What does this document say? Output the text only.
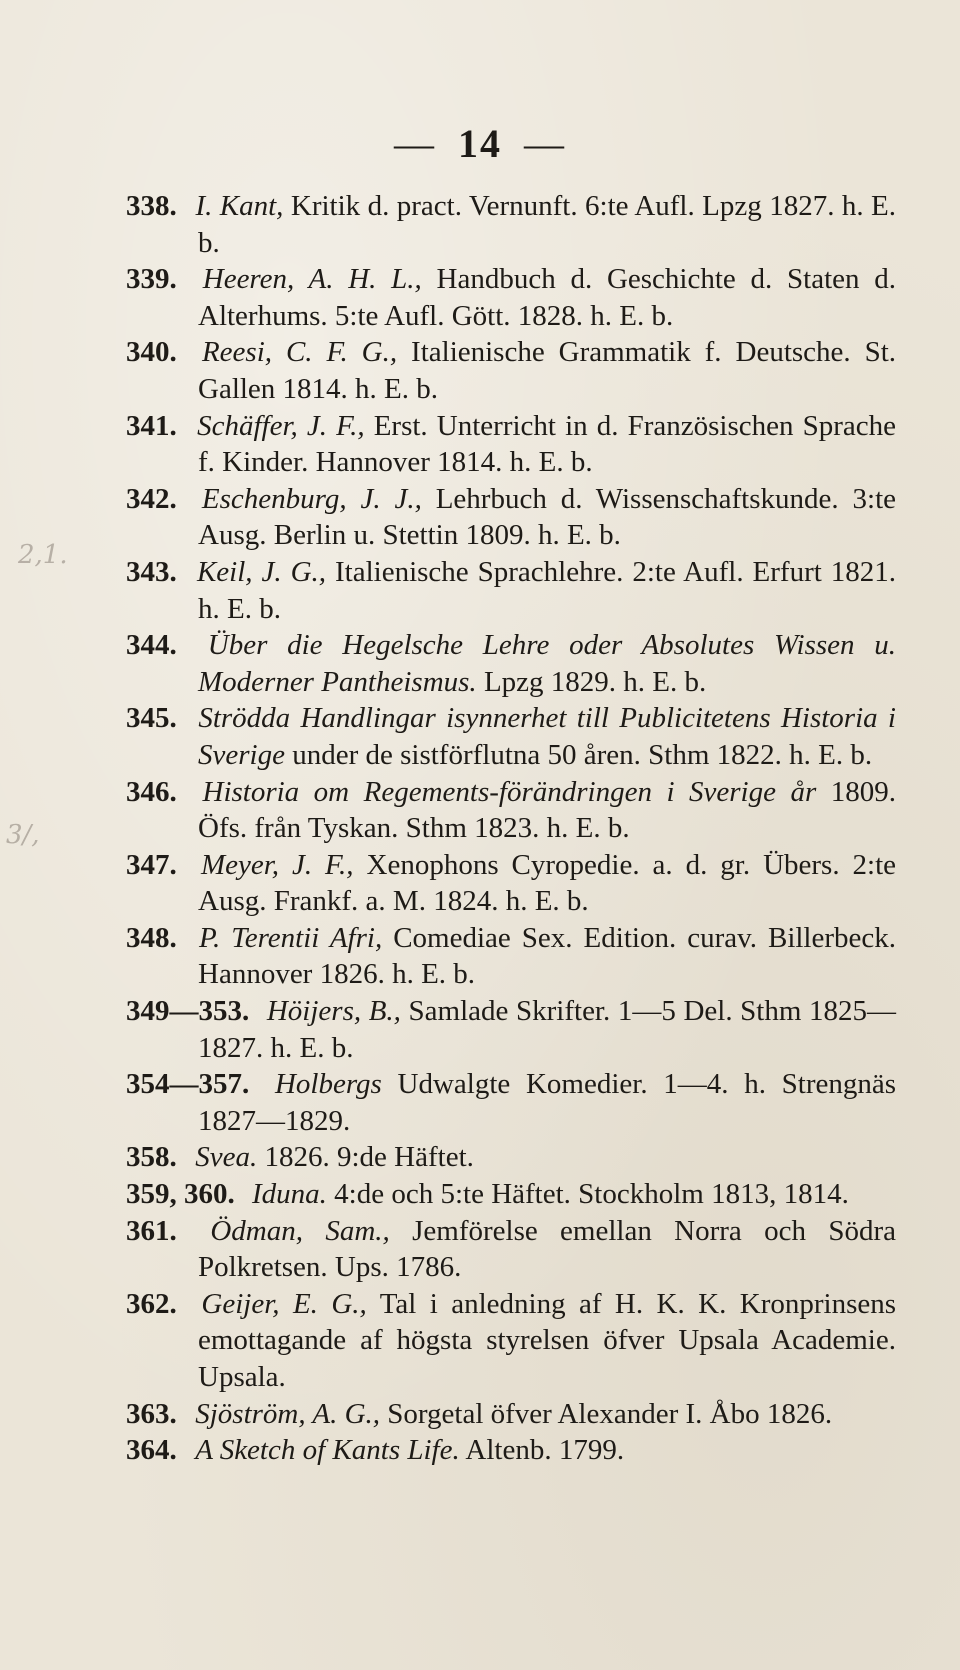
— 14 —
2,1.
3/,
338. I. Kant, Kritik d. pract. Vernunft. 6:te Aufl. Lpzg 1827. h. E. b.
339. Heeren, A. H. L., Handbuch d. Geschichte d. Staten d. Alterhums. 5:te Aufl. Gött. 1828. h. E. b.
340. Reesi, C. F. G., Italienische Grammatik f. Deutsche. St. Gallen 1814. h. E. b.
341. Schäffer, J. F., Erst. Unterricht in d. Französischen Sprache f. Kinder. Hannover 1814. h. E. b.
342. Eschenburg, J. J., Lehrbuch d. Wissenschaftskunde. 3:te Ausg. Berlin u. Stettin 1809. h. E. b.
343. Keil, J. G., Italienische Sprachlehre. 2:te Aufl. Erfurt 1821. h. E. b.
344. Über die Hegelsche Lehre oder Absolutes Wissen u. Moderner Pantheismus. Lpzg 1829. h. E. b.
345. Strödda Handlingar isynnerhet till Publicitetens Historia i Sverige under de sistförflutna 50 åren. Sthm 1822. h. E. b.
346. Historia om Regements-förändringen i Sverige år 1809. Öfs. från Tyskan. Sthm 1823. h. E. b.
347. Meyer, J. F., Xenophons Cyropedie. a. d. gr. Übers. 2:te Ausg. Frankf. a. M. 1824. h. E. b.
348. P. Terentii Afri, Comediae Sex. Edition. curav. Billerbeck. Hannover 1826. h. E. b.
349—353. Höijers, B., Samlade Skrifter. 1—5 Del. Sthm 1825—1827. h. E. b.
354—357. Holbergs Udwalgte Komedier. 1—4. h. Strengnäs 1827—1829.
358. Svea. 1826. 9:de Häftet.
359, 360. Iduna. 4:de och 5:te Häftet. Stockholm 1813, 1814.
361. Ödman, Sam., Jemförelse emellan Norra och Södra Polkretsen. Ups. 1786.
362. Geijer, E. G., Tal i anledning af H. K. K. Kronprinsens emottagande af högsta styrelsen öfver Upsala Academie. Upsala.
363. Sjöström, A. G., Sorgetal öfver Alexander I. Åbo 1826.
364. A Sketch of Kants Life. Altenb. 1799.
